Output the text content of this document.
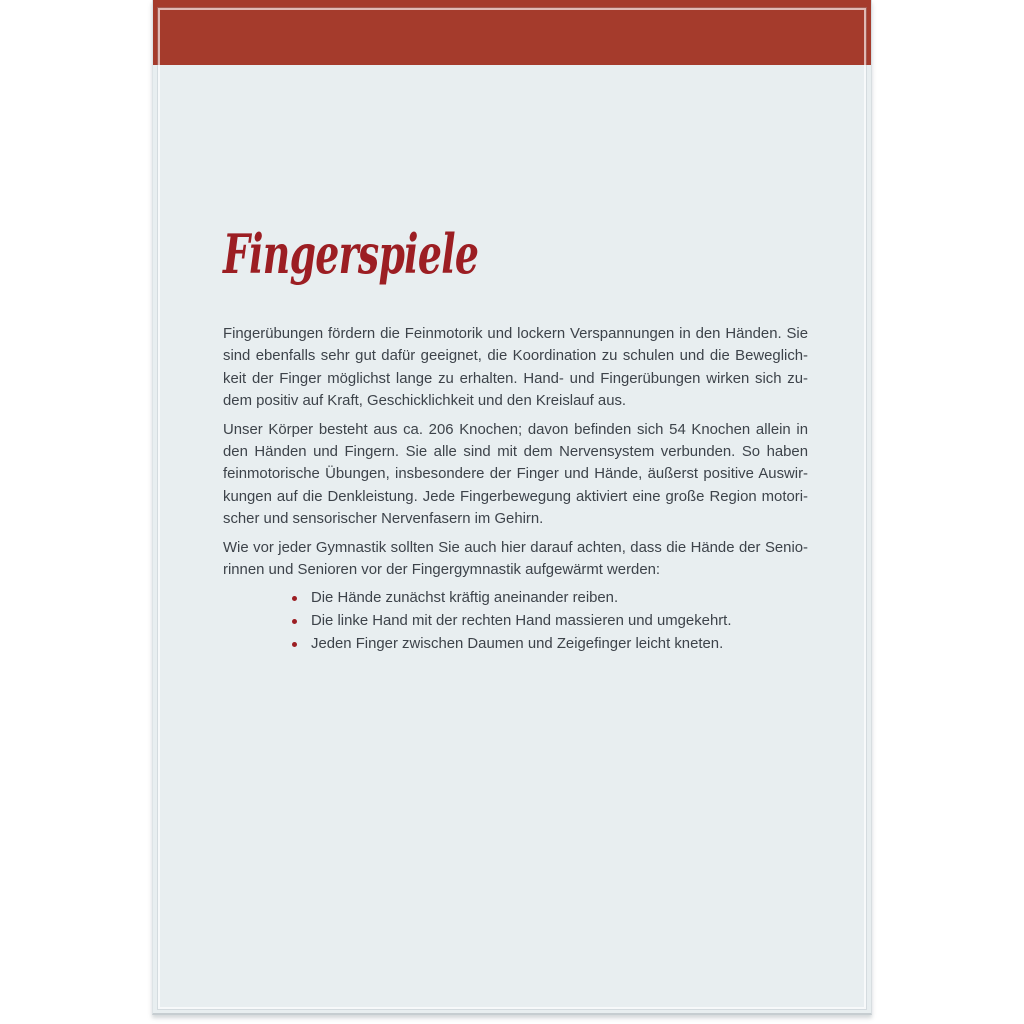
Fingerspiele
Fingerübungen fördern die Feinmotorik und lockern Verspannungen in den Händen. Sie
sind ebenfalls sehr gut dafür geeignet, die Koordination zu schulen und die Beweglich-
keit der Finger möglichst lange zu erhalten. Hand- und Fingerübungen wirken sich zu-
dem positiv auf Kraft, Geschicklichkeit und den Kreislauf aus.
Unser Körper besteht aus ca. 206 Knochen; davon befinden sich 54 Knochen allein in
den Händen und Fingern. Sie alle sind mit dem Nervensystem verbunden. So haben
feinmotorische Übungen, insbesondere der Finger und Hände, äußerst positive Auswir-
kungen auf die Denkleistung. Jede Fingerbewegung aktiviert eine große Region motori-
scher und sensorischer Nervenfasern im Gehirn.
Wie vor jeder Gymnastik sollten Sie auch hier darauf achten, dass die Hände der Senio-
rinnen und Senioren vor der Fingergymnastik aufgewärmt werden:
Die Hände zunächst kräftig aneinander reiben.
Die linke Hand mit der rechten Hand massieren und umgekehrt.
Jeden Finger zwischen Daumen und Zeigefinger leicht kneten.
